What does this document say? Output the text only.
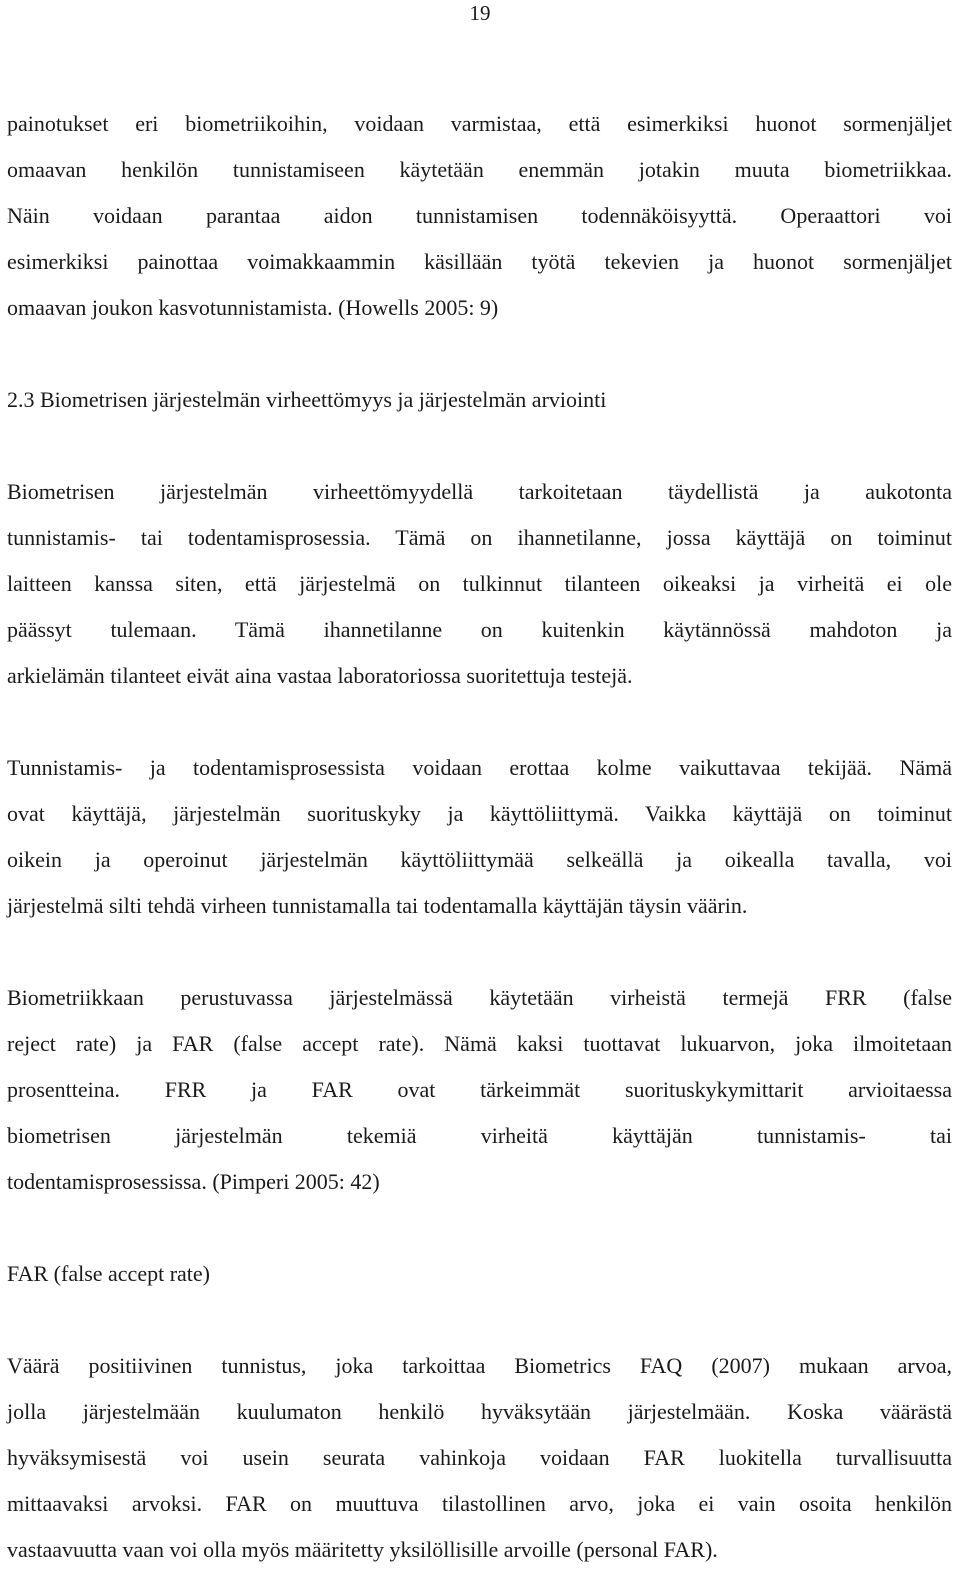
19
painotukset eri biometriikoihin, voidaan varmistaa, että esimerkiksi huonot sormenjäljet
omaavan henkilön tunnistamiseen käytetään enemmän jotakin muuta biometriikkaa.
Näin voidaan parantaa aidon tunnistamisen todennäköisyyttä. Operaattori voi
esimerkiksi painottaa voimakkaammin käsillään työtä tekevien ja huonot sormenjäljet
omaavan joukon kasvotunnistamista. (Howells 2005: 9)
2.3 Biometrisen järjestelmän virheettömyys ja järjestelmän arviointi
Biometrisen järjestelmän virheettömyydellä tarkoitetaan täydellistä ja aukotonta
tunnistamis- tai todentamisprosessia. Tämä on ihannetilanne, jossa käyttäjä on toiminut
laitteen kanssa siten, että järjestelmä on tulkinnut tilanteen oikeaksi ja virheitä ei ole
päässyt tulemaan. Tämä ihannetilanne on kuitenkin käytännössä mahdoton ja
arkielämän tilanteet eivät aina vastaa laboratoriossa suoritettuja testejä.
Tunnistamis- ja todentamisprosessista voidaan erottaa kolme vaikuttavaa tekijää. Nämä
ovat käyttäjä, järjestelmän suorituskyky ja käyttöliittymä. Vaikka käyttäjä on toiminut
oikein ja operoinut järjestelmän käyttöliittymää selkeällä ja oikealla tavalla, voi
järjestelmä silti tehdä virheen tunnistamalla tai todentamalla käyttäjän täysin väärin.
Biometriikkaan perustuvassa järjestelmässä käytetään virheistä termejä FRR (false
reject rate) ja FAR (false accept rate). Nämä kaksi tuottavat lukuarvon, joka ilmoitetaan
prosentteina. FRR ja FAR ovat tärkeimmät suorituskykymittarit arvioitaessa
biometrisen järjestelmän tekemiä virheitä käyttäjän tunnistamis- tai
todentamisprosessissa. (Pimperi 2005: 42)
FAR (false accept rate)
Väärä positiivinen tunnistus, joka tarkoittaa Biometrics FAQ (2007) mukaan arvoa,
jolla järjestelmään kuulumaton henkilö hyväksytään järjestelmään. Koska väärästä
hyväksymisestä voi usein seurata vahinkoja voidaan FAR luokitella turvallisuutta
mittaavaksi arvoksi. FAR on muuttuva tilastollinen arvo, joka ei vain osoita henkilön
vastaavuutta vaan voi olla myös määritetty yksilöllisille arvoille (personal FAR).
